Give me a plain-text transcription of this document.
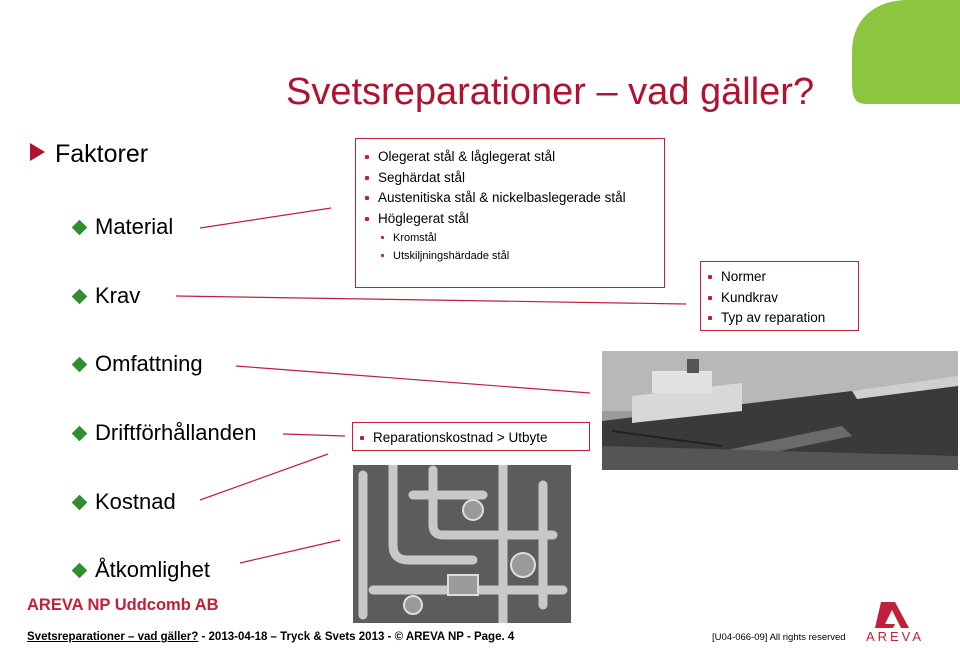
Svetsreparationer – vad gäller?
Faktorer
Material
Krav
Omfattning
Driftförhållanden
Kostnad
Åtkomlighet
Olegerat stål & låglegerat stål
Seghärdat stål
Austenitiska stål & nickelbaslegerade stål
Höglegerat stål
Kromstål
Utskiljningshärdade stål
Normer
Kundkrav
Typ av reparation
Reparationskostnad > Utbyte
AREVA NP Uddcomb AB
Svetsreparationer – vad gäller? - 2013-04-18 – Tryck & Svets 2013 - © AREVA NP - Page. 4	[U04-066-09] All rights reserved AREVA
